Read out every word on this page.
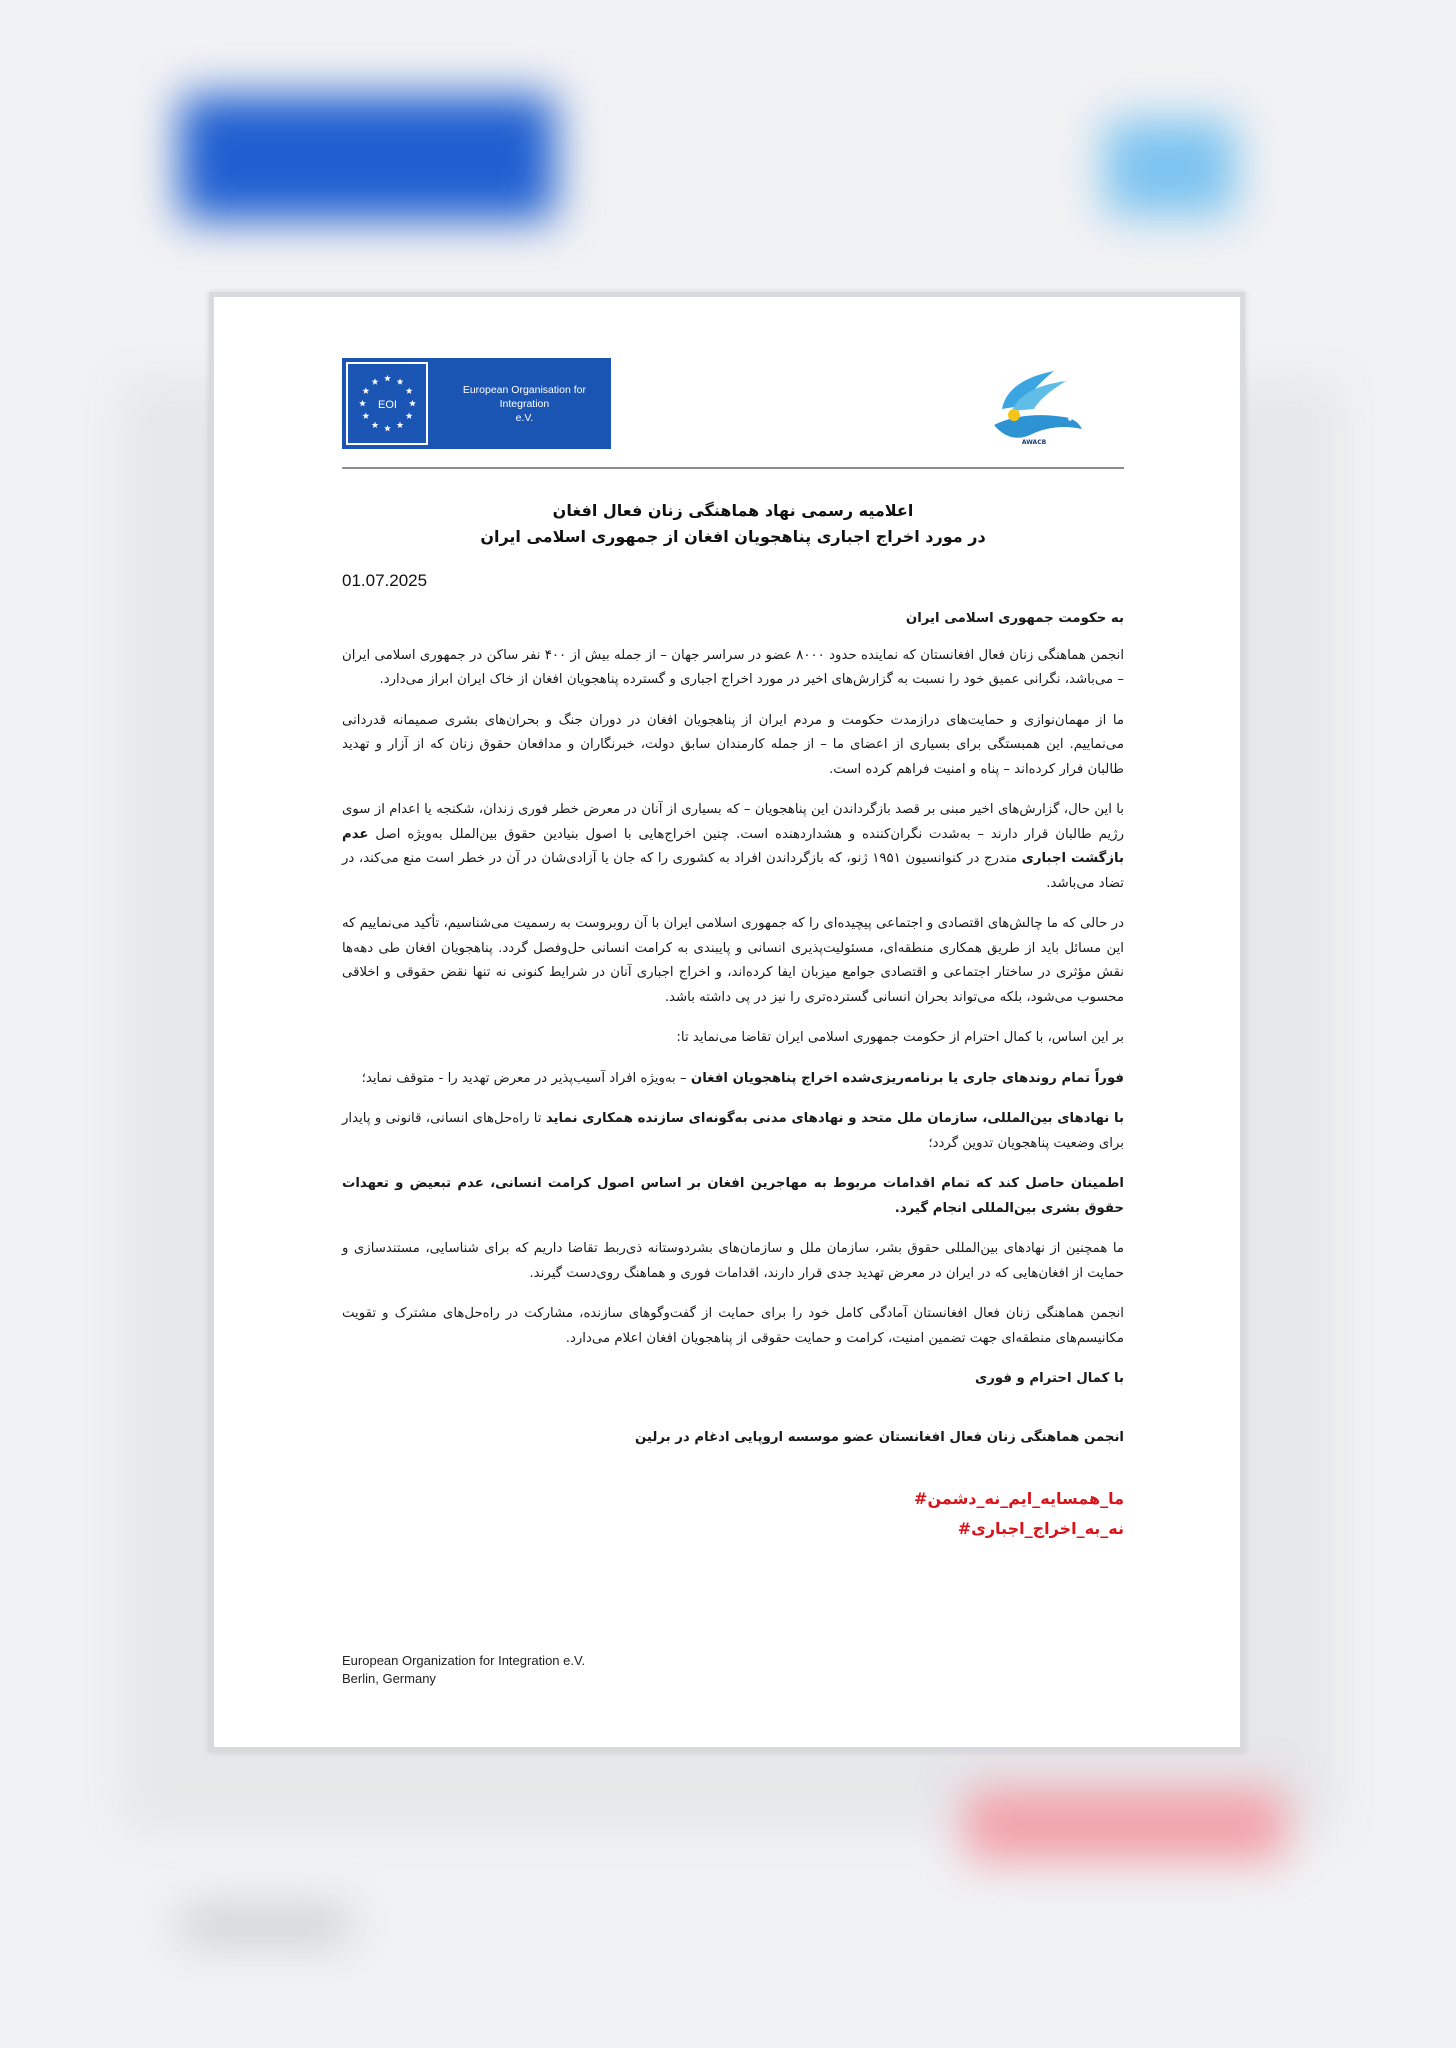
EOI
European Organisation for Integration
e.V.
AWACB
اعلامیه رسمی نهاد هماهنگی زنان فعال افغان
در مورد اخراج اجباری پناهجویان افغان از جمهوری اسلامی ایران
01.07.2025

به حکومت جمهوری اسلامی ایران

انجمن هماهنگی زنان فعال افغانستان که نماینده حدود ۸۰۰۰ عضو در سراسر جهان – از جمله بیش از ۴۰۰ نفر ساکن در جمهوری اسلامی ایران – می‌باشد، نگرانی عمیق خود را نسبت به گزارش‌های اخیر در مورد اخراج اجباری و گسترده پناهجویان افغان از خاک ایران ابراز می‌دارد.

ما از مهمان‌نوازی و حمایت‌های درازمدت حکومت و مردم ایران از پناهجویان افغان در دوران جنگ و بحران‌های بشری صمیمانه قدردانی می‌نماییم. این همبستگی برای بسیاری از اعضای ما – از جمله کارمندان سابق دولت، خبرنگاران و مدافعان حقوق زنان که از آزار و تهدید طالبان فرار کرده‌اند – پناه و امنیت فراهم کرده است.

با این حال، گزارش‌های اخیر مبنی بر قصد بازگرداندن این پناهجویان – که بسیاری از آنان در معرض خطر فوری زندان، شکنجه یا اعدام از سوی رژیم طالبان قرار دارند – به‌شدت نگران‌کننده و هشداردهنده است. چنین اخراج‌هایی با اصول بنیادین حقوق بین‌الملل به‌ویژه اصل عدم بازگشت اجباری مندرج در کنوانسیون ۱۹۵۱ ژنو، که بازگرداندن افراد به کشوری را که جان یا آزادی‌شان در آن در خطر است منع می‌کند، در تضاد می‌باشد.

در حالی که ما چالش‌های اقتصادی و اجتماعی پیچیده‌ای را که جمهوری اسلامی ایران با آن روبروست به رسمیت می‌شناسیم، تأکید می‌نماییم که این مسائل باید از طریق همکاری منطقه‌ای، مسئولیت‌پذیری انسانی و پایبندی به کرامت انسانی حل‌وفصل گردد. پناهجویان افغان طی دهه‌ها نقش مؤثری در ساختار اجتماعی و اقتصادی جوامع میزبان ایفا کرده‌اند، و اخراج اجباری آنان در شرایط کنونی نه تنها نقض حقوقی و اخلاقی محسوب می‌شود، بلکه می‌تواند بحران انسانی گسترده‌تری را نیز در پی داشته باشد.

بر این اساس، با کمال احترام از حکومت جمهوری اسلامی ایران تقاضا می‌نماید تا:

فوراً تمام روندهای جاری یا برنامه‌ریزی‌شده اخراج پناهجویان افغان – به‌ویژه افراد آسیب‌پذیر در معرض تهدید را - متوقف نماید؛

با نهادهای بین‌المللی، سازمان ملل متحد و نهادهای مدنی به‌گونه‌ای سازنده همکاری نماید تا راه‌حل‌های انسانی، قانونی و پایدار برای وضعیت پناهجویان تدوین گردد؛

اطمینان حاصل کند که تمام اقدامات مربوط به مهاجرین افغان بر اساس اصول کرامت انسانی، عدم تبعیض و تعهدات حقوق بشری بین‌المللی انجام گیرد.

ما همچنین از نهادهای بین‌المللی حقوق بشر، سازمان ملل و سازمان‌های بشردوستانه ذی‌ربط تقاضا داریم که برای شناسایی، مستندسازی و حمایت از افغان‌هایی که در ایران در معرض تهدید جدی قرار دارند، اقدامات فوری و هماهنگ روی‌دست گیرند.

انجمن هماهنگی زنان فعال افغانستان آمادگی کامل خود را برای حمایت از گفت‌وگوهای سازنده، مشارکت در راه‌حل‌های مشترک و تقویت مکانیسم‌های منطقه‌ای جهت تضمین امنیت، کرامت و حمایت حقوقی از پناهجویان افغان اعلام می‌دارد.

با کمال احترام و فوری

انجمن هماهنگی زنان فعال افغانستان عضو موسسه اروپایی ادغام در برلین

ما_همسایه_ایم_نه_دشمن#
نه_به_اخراج_اجباری#
European Organization for Integration e.V.
Berlin, Germany
